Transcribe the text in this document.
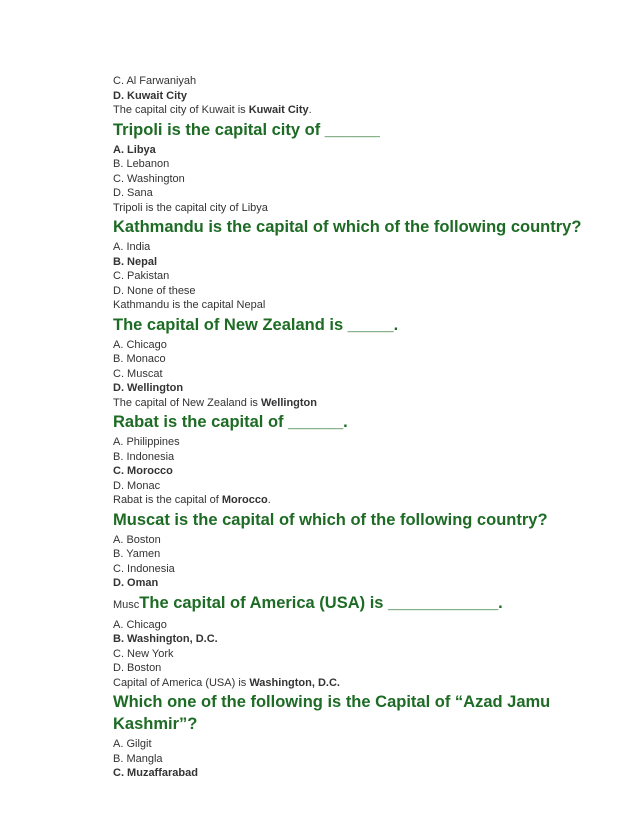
C. Al Farwaniyah

D. Kuwait City

The capital city of Kuwait is Kuwait City.

Tripoli is the capital city of ______

A. Libya

B. Lebanon

C. Washington

D. Sana

Tripoli is the capital city of Libya

Kathmandu is the capital of which of the following country?

A. India

B. Nepal

C. Pakistan

D. None of these

Kathmandu is the capital Nepal

The capital of New Zealand is _____.

A. Chicago

B. Monaco

C. Muscat

D. Wellington

The capital of New Zealand is Wellington

Rabat is the capital of ______.

A. Philippines

B. Indonesia

C. Morocco

D. Monac

Rabat is the capital of Morocco.

Muscat is the capital of which of the following country?

A. Boston

B. Yamen

C. Indonesia

D. Oman

MuscThe capital of America (USA) is ____________.

A. Chicago

B. Washington, D.C.

C. New York

D. Boston

Capital of America (USA) is Washington, D.C.

Which one of the following is the Capital of “Azad Jamu Kashmir”?

A. Gilgit

B. Mangla

C. Muzaffarabad
